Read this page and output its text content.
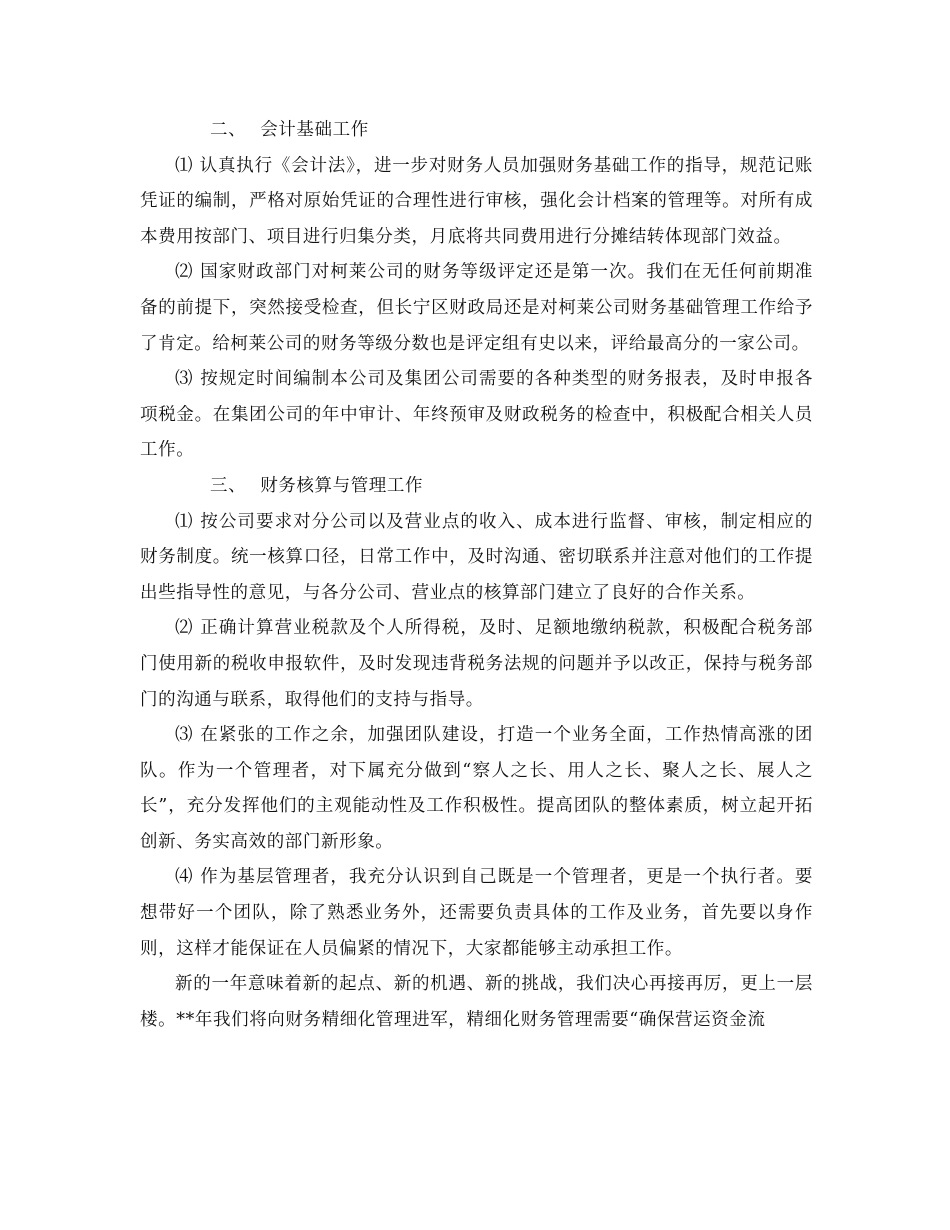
二、 会计基础工作

⑴ 认真执行《会计法》，进一步对财务人员加强财务基础工作的指导，规范记账凭证的编制，严格对原始凭证的合理性进行审核，强化会计档案的管理等。对所有成本费用按部门、项目进行归集分类，月底将共同费用进行分摊结转体现部门效益。

⑵ 国家财政部门对柯莱公司的财务等级评定还是第一次。我们在无任何前期准备的前提下，突然接受检查，但长宁区财政局还是对柯莱公司财务基础管理工作给予了肯定。给柯莱公司的财务等级分数也是评定组有史以来，评给最高分的一家公司。

⑶ 按规定时间编制本公司及集团公司需要的各种类型的财务报表，及时申报各项税金。在集团公司的年中审计、年终预审及财政税务的检查中，积极配合相关人员工作。

三、 财务核算与管理工作

⑴ 按公司要求对分公司以及营业点的收入、成本进行监督、审核，制定相应的财务制度。统一核算口径，日常工作中，及时沟通、密切联系并注意对他们的工作提出些指导性的意见，与各分公司、营业点的核算部门建立了良好的合作关系。

⑵ 正确计算营业税款及个人所得税，及时、足额地缴纳税款，积极配合税务部门使用新的税收申报软件，及时发现违背税务法规的问题并予以改正，保持与税务部门的沟通与联系，取得他们的支持与指导。

⑶ 在紧张的工作之余，加强团队建设，打造一个业务全面，工作热情高涨的团队。作为一个管理者，对下属充分做到“察人之长、用人之长、聚人之长、展人之长”，充分发挥他们的主观能动性及工作积极性。提高团队的整体素质，树立起开拓创新、务实高效的部门新形象。

⑷ 作为基层管理者，我充分认识到自己既是一个管理者，更是一个执行者。要想带好一个团队，除了熟悉业务外，还需要负责具体的工作及业务，首先要以身作则，这样才能保证在人员偏紧的情况下，大家都能够主动承担工作。

新的一年意味着新的起点、新的机遇、新的挑战，我们决心再接再厉，更上一层楼。**年我们将向财务精细化管理进军，精细化财务管理需要“确保营运资金流
